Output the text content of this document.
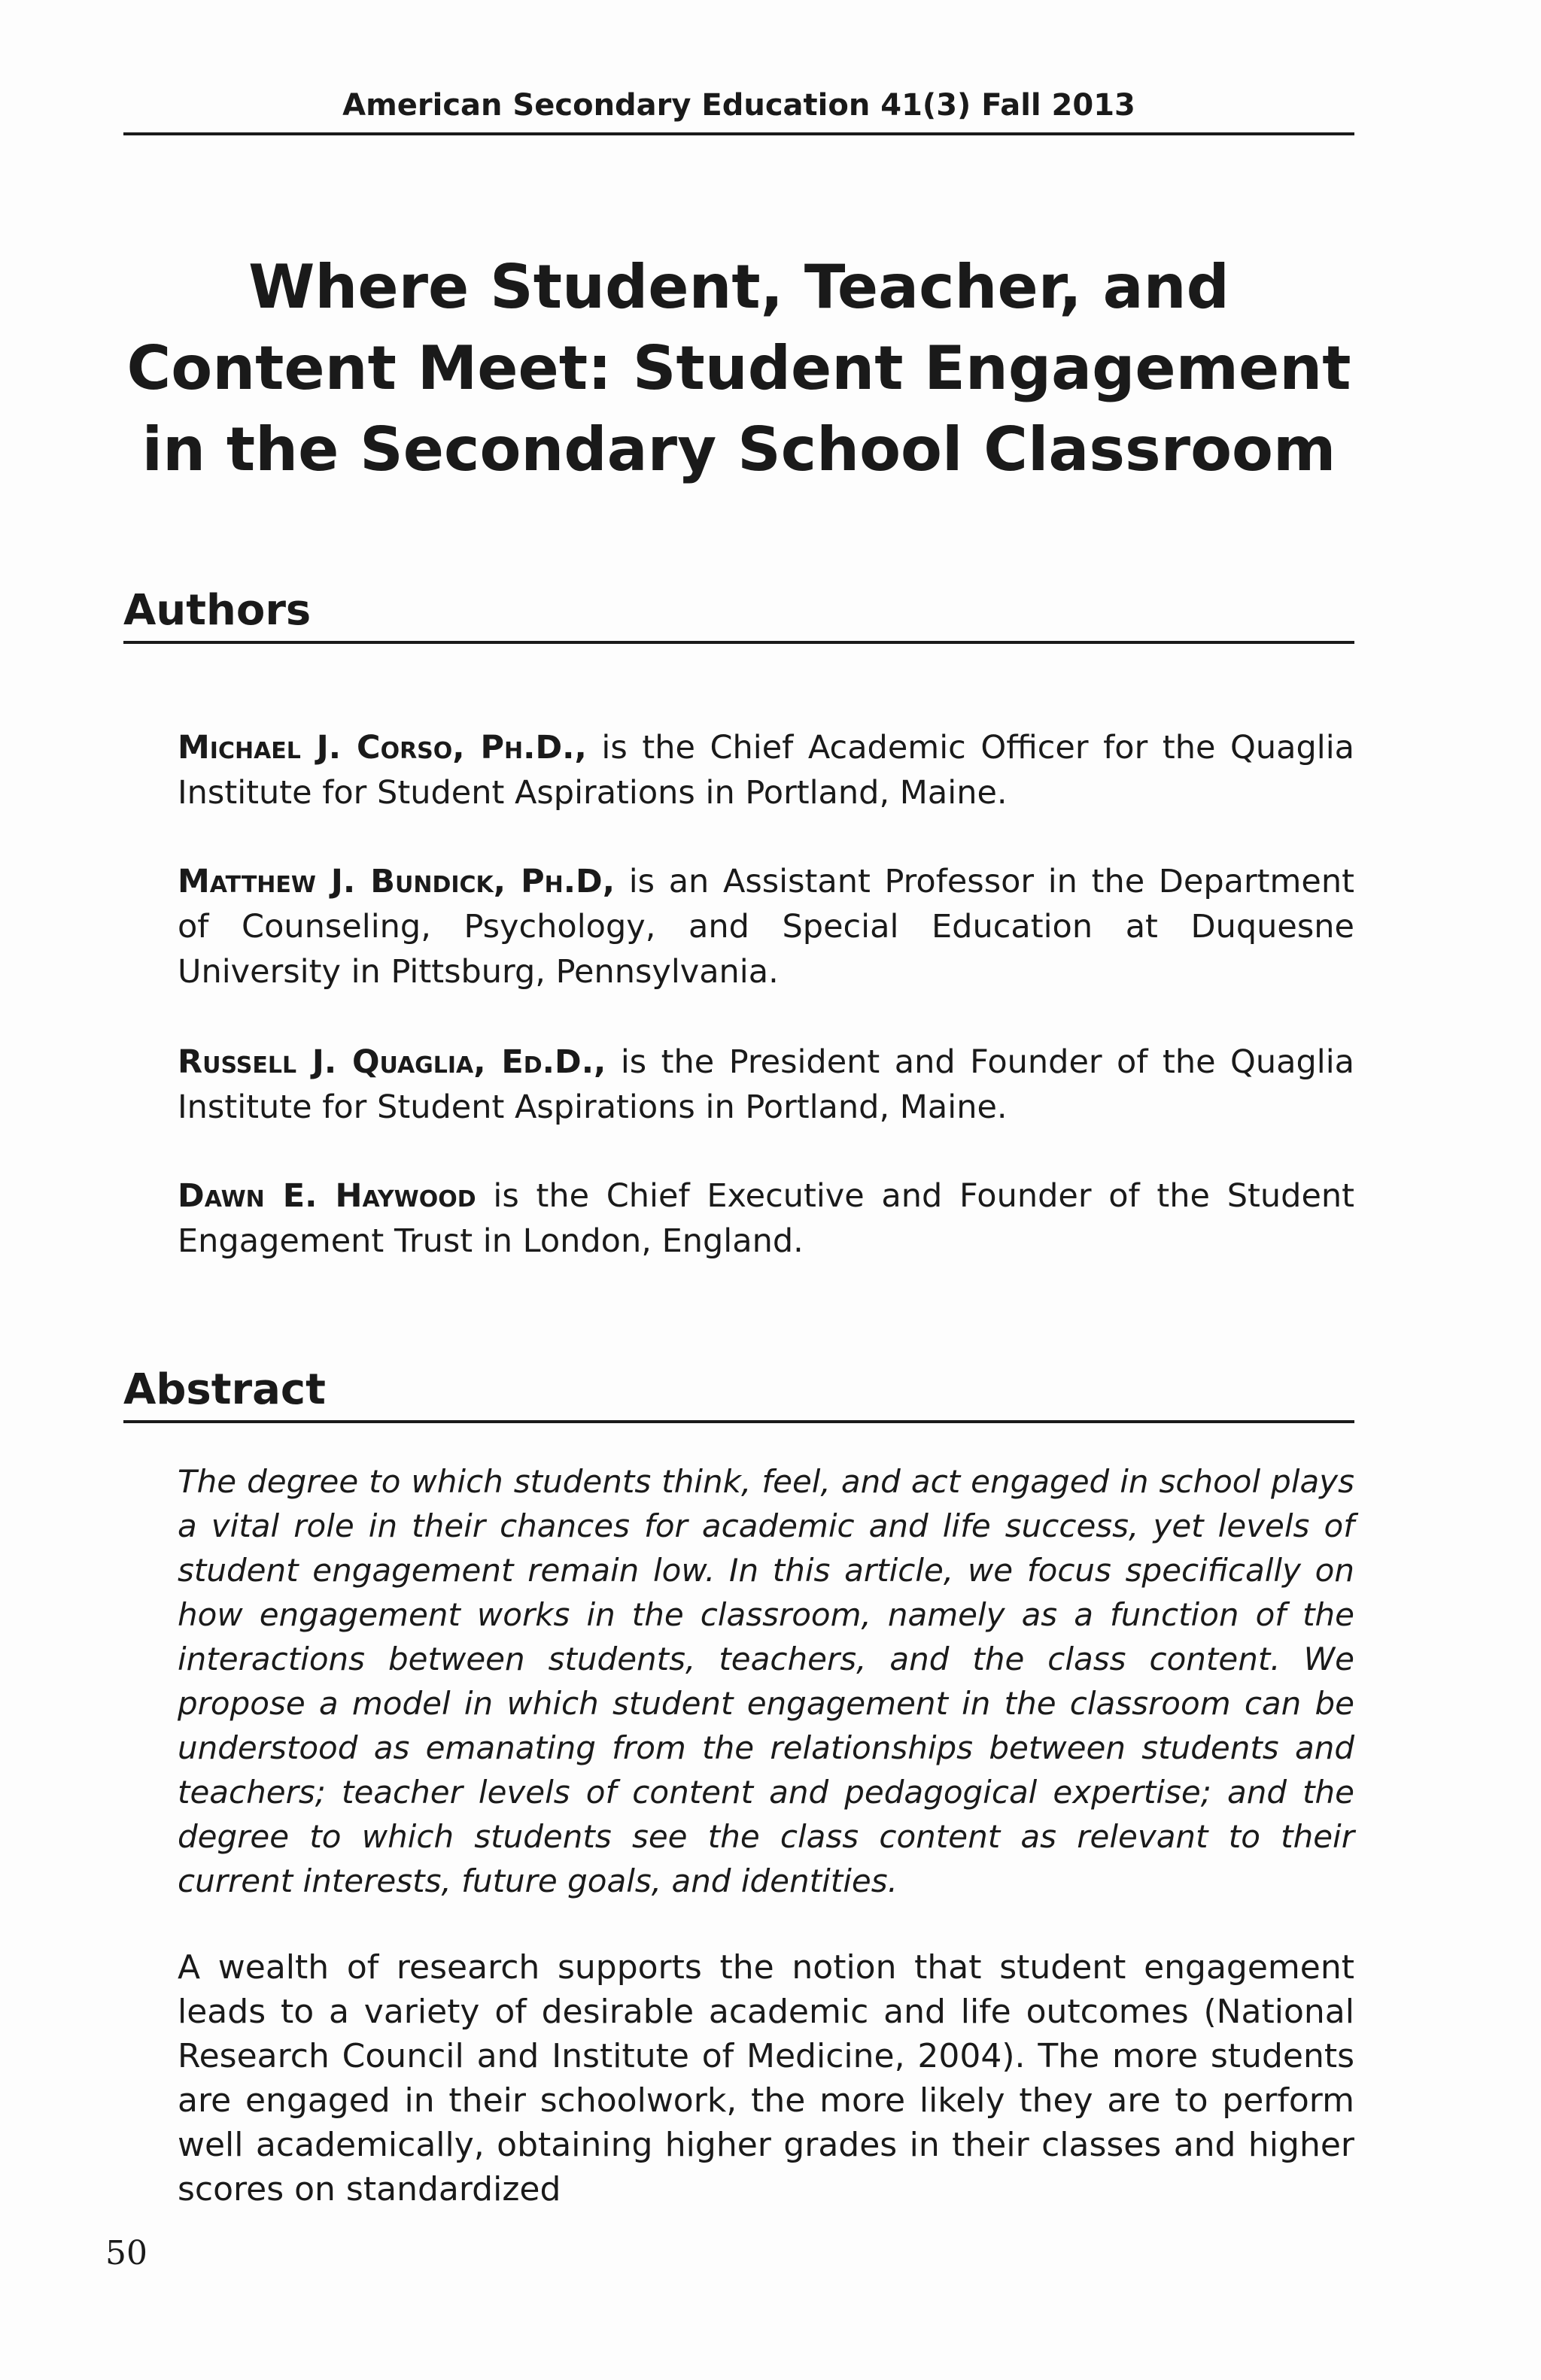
American Secondary Education 41(3) Fall 2013
Where Student, Teacher, and Content Meet: Student Engagement in the Secondary School Classroom
Authors

Michael J. Corso, Ph.D., is the Chief Academic Officer for the Quaglia Institute for Student Aspirations in Portland, Maine.

Matthew J. Bundick, Ph.D, is an Assistant Professor in the Department of Counseling, Psychology, and Special Education at Duquesne University in Pittsburg, Pennsylvania.

Russell J. Quaglia, Ed.D., is the President and Founder of the Quaglia Institute for Student Aspirations in Portland, Maine.

Dawn E. Haywood is the Chief Executive and Founder of the Student Engagement Trust in London, England.

Abstract

The degree to which students think, feel, and act engaged in school plays a vital role in their chances for academic and life success, yet levels of student engagement remain low. In this article, we focus specifically on how engagement works in the classroom, namely as a function of the interactions between students, teachers, and the class content. We propose a model in which student engagement in the classroom can be understood as emanating from the relationships between students and teachers; teacher levels of content and pedagogical expertise; and the degree to which students see the class content as relevant to their current interests, future goals, and identities.

A wealth of research supports the notion that student engagement leads to a variety of desirable academic and life outcomes (National Research Council and Institute of Medicine, 2004). The more students are engaged in their schoolwork, the more likely they are to perform well academically, obtaining higher grades in their classes and higher scores on standardized

50
